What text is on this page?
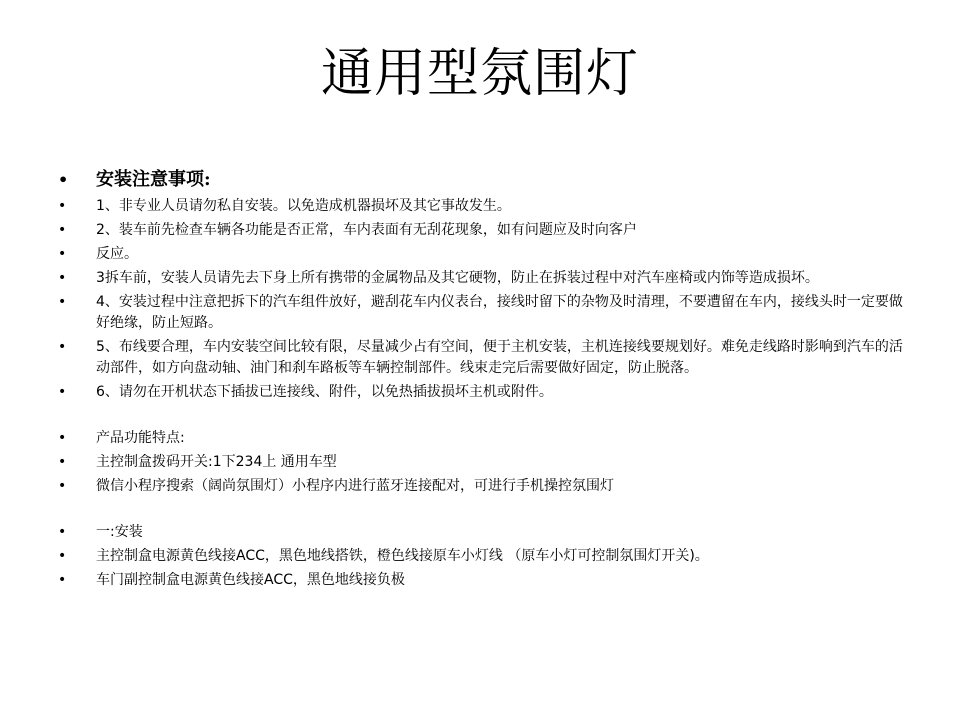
通用型氛围灯
• 安装注意事项:
• 1、非专业人员请勿私自安装。以免造成机器损坏及其它事故发生。
• 2、装车前先检查车辆各功能是否正常，车内表面有无刮花现象，如有问题应及时向客户
• 反应。
• 3拆车前，安装人员请先去下身上所有携带的金属物品及其它硬物，防止在拆装过程中对汽车座椅或内饰等造成损坏。
• 4、安装过程中注意把拆下的汽车组件放好，避刮花车内仪表台，接线时留下的杂物及时清理，不要遭留在车内，接线头时一定要做好绝缘，防止短路。
• 5、布线要合理，车内安装空间比较有限，尽量减少占有空间，便于主机安装，主机连接线要规划好。难免走线路时影响到汽车的活动部件，如方向盘动轴、油门和刹车路板等车辆控制部件。线束走完后需要做好固定，防止脱落。
• 6、请勿在开机状态下插拔已连接线、附件，以免热插拔损坏主机或附件。
• 产品功能特点:
• 主控制盒拨码开关:1下234上 通用车型
• 微信小程序搜索（阔尚氛围灯）小程序内进行蓝牙连接配对，可进行手机操控氛围灯
• 一:安装
• 主控制盒电源黄色线接ACC，黑色地线搭铁，橙色线接原车小灯线 （原车小灯可控制氛围灯开关)。
• 车门副控制盒电源黄色线接ACC，黑色地线接负极
